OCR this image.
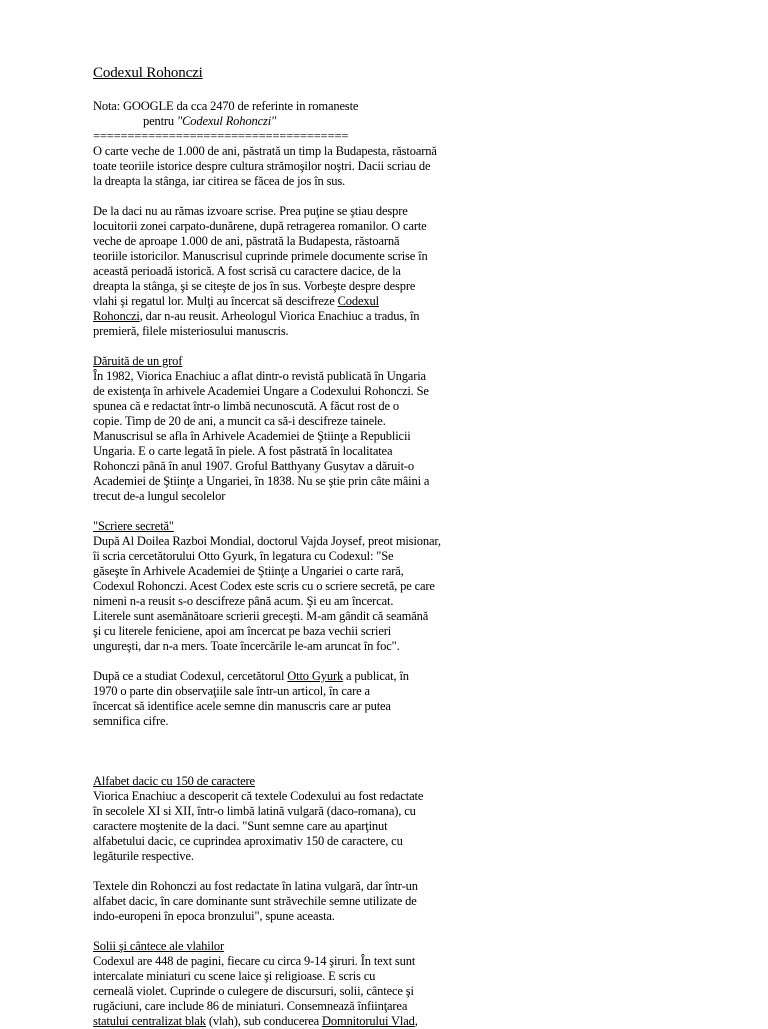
Codexul Rohonczi

Nota: GOOGLE da cca 2470 de referinte in romaneste

pentru "Codexul Rohonczi"

=====================================

O carte veche de 1.000 de ani, păstrată un timp la Budapesta, răstoarnă

toate teoriile istorice despre cultura strămoşilor noştri. Dacii scriau de

la dreapta la stânga, iar citirea se făcea de jos în sus.

De la daci nu au rămas izvoare scrise. Prea puţine se ştiau despre

locuitorii zonei carpato-dunărene, după retragerea romanilor. O carte

veche de aproape 1.000 de ani, păstrată la Budapesta, răstoarnă

teoriile istoricilor. Manuscrisul cuprinde primele documente scrise în

această perioadă istorică. A fost scrisă cu caractere dacice, de la

dreapta la stânga, şi se citeşte de jos în sus. Vorbeşte despre despre

vlahi şi regatul lor. Mulţi au încercat să descifreze Codexul

Rohonczi, dar n-au reusit. Arheologul Viorica Enachiuc a tradus, în

premieră, filele misteriosului manuscris.

Dăruită de un grof

În 1982, Viorica Enachiuc a aflat dintr-o revistă publicată în Ungaria

de existenţa în arhivele Academiei Ungare a Codexului Rohonczi. Se

spunea că e redactat într-o limbă necunoscută. A făcut rost de o

copie. Timp de 20 de ani, a muncit ca să-i descifreze tainele.

Manuscrisul se afla în Arhivele Academiei de Ştiinţe a Republicii

Ungaria. E o carte legată în piele. A fost păstrată în localitatea

Rohonczi până în anul 1907. Groful Batthyany Gusytav a dăruit-o

Academiei de Ştiinţe a Ungariei, în 1838. Nu se ştie prin câte mâini a

trecut de-a lungul secolelor

"Scriere secretă"

După Al Doilea Razboi Mondial, doctorul Vajda Joysef, preot misionar,

îi scria cercetătorului Otto Gyurk, în legatura cu Codexul: "Se

găseşte în Arhivele Academiei de Ştiinţe a Ungariei o carte rară,

Codexul Rohonczi. Acest Codex este scris cu o scriere secretă, pe care

nimeni n-a reusit s-o descifreze până acum. Şi eu am încercat.

Literele sunt asemănătoare scrierii greceşti. M-am gândit că seamănă

şi cu literele feniciene, apoi am încercat pe baza vechii scrieri

ungureşti, dar n-a mers. Toate încercările le-am aruncat în foc".

După ce a studiat Codexul, cercetătorul Otto Gyurk a publicat, în

1970 o parte din observaţiile sale într-un articol, în care a

încercat să identifice acele semne din manuscris care ar putea

semnifica cifre.

Alfabet dacic cu 150 de caractere

Viorica Enachiuc a descoperit că textele Codexului au fost redactate

în secolele XI si XII, într-o limbă latină vulgară (daco-romana), cu

caractere moştenite de la daci. "Sunt semne care au aparţinut

alfabetului dacic, ce cuprindea aproximativ 150 de caractere, cu

legăturile respective.

Textele din Rohonczi au fost redactate în latina vulgară, dar într-un

alfabet dacic, în care dominante sunt străvechile semne utilizate de

indo-europeni în epoca bronzului", spune aceasta.

Solii şi cântece ale vlahilor

Codexul are 448 de pagini, fiecare cu circa 9-14 şiruri. În text sunt

intercalate miniaturi cu scene laice şi religioase. E scris cu

cerneală violet. Cuprinde o culegere de discursuri, solii, cântece şi

rugăciuni, care include 86 de miniaturi. Consemnează înfiinţarea

statului centralizat blak (vlah), sub conducerea Domnitorului Vlad,
